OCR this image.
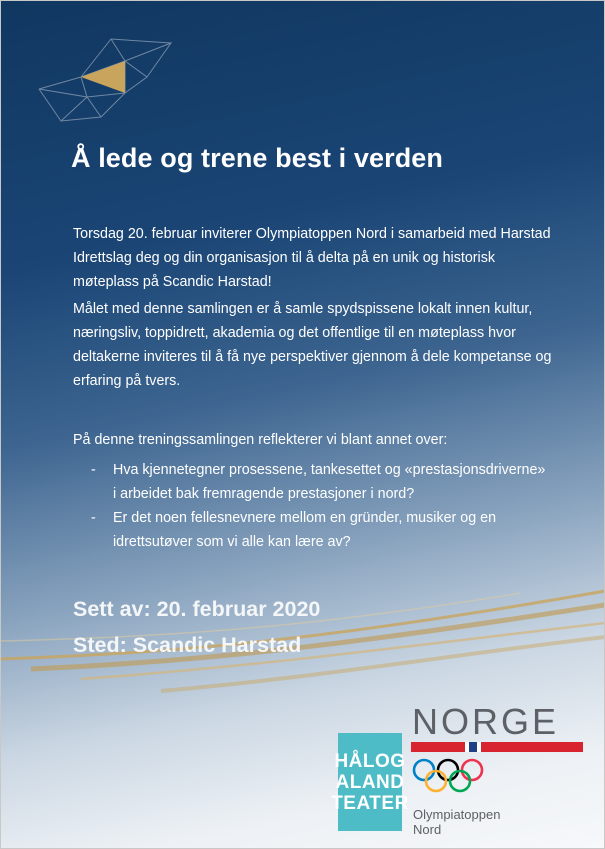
Å lede og trene best i verden

Torsdag 20. februar inviterer Olympiatoppen Nord i samarbeid med Harstad Idrettslag deg og din organisasjon til å delta på en unik og historisk møteplass på Scandic Harstad!

Målet med denne samlingen er å samle spydspissene lokalt innen kultur, næringsliv, toppidrett, akademia og det offentlige til en møteplass hvor deltakerne inviteres til å få nye perspektiver gjennom å dele kompetanse og erfaring på tvers.

På denne treningssamlingen reflekterer vi blant annet over:

- Hva kjennetegner prosessene, tankesettet og «prestasjonsdriverne» i arbeidet bak fremragende prestasjoner i nord?
- Er det noen fellesnevnere mellom en gründer, musiker og en idrettsutøver som vi alle kan lære av?

Sett av: 20. februar 2020

Sted: Scandic Harstad

HÅLOG
ALAND
TEATER

NORGE

Olympiatoppen
Nord
